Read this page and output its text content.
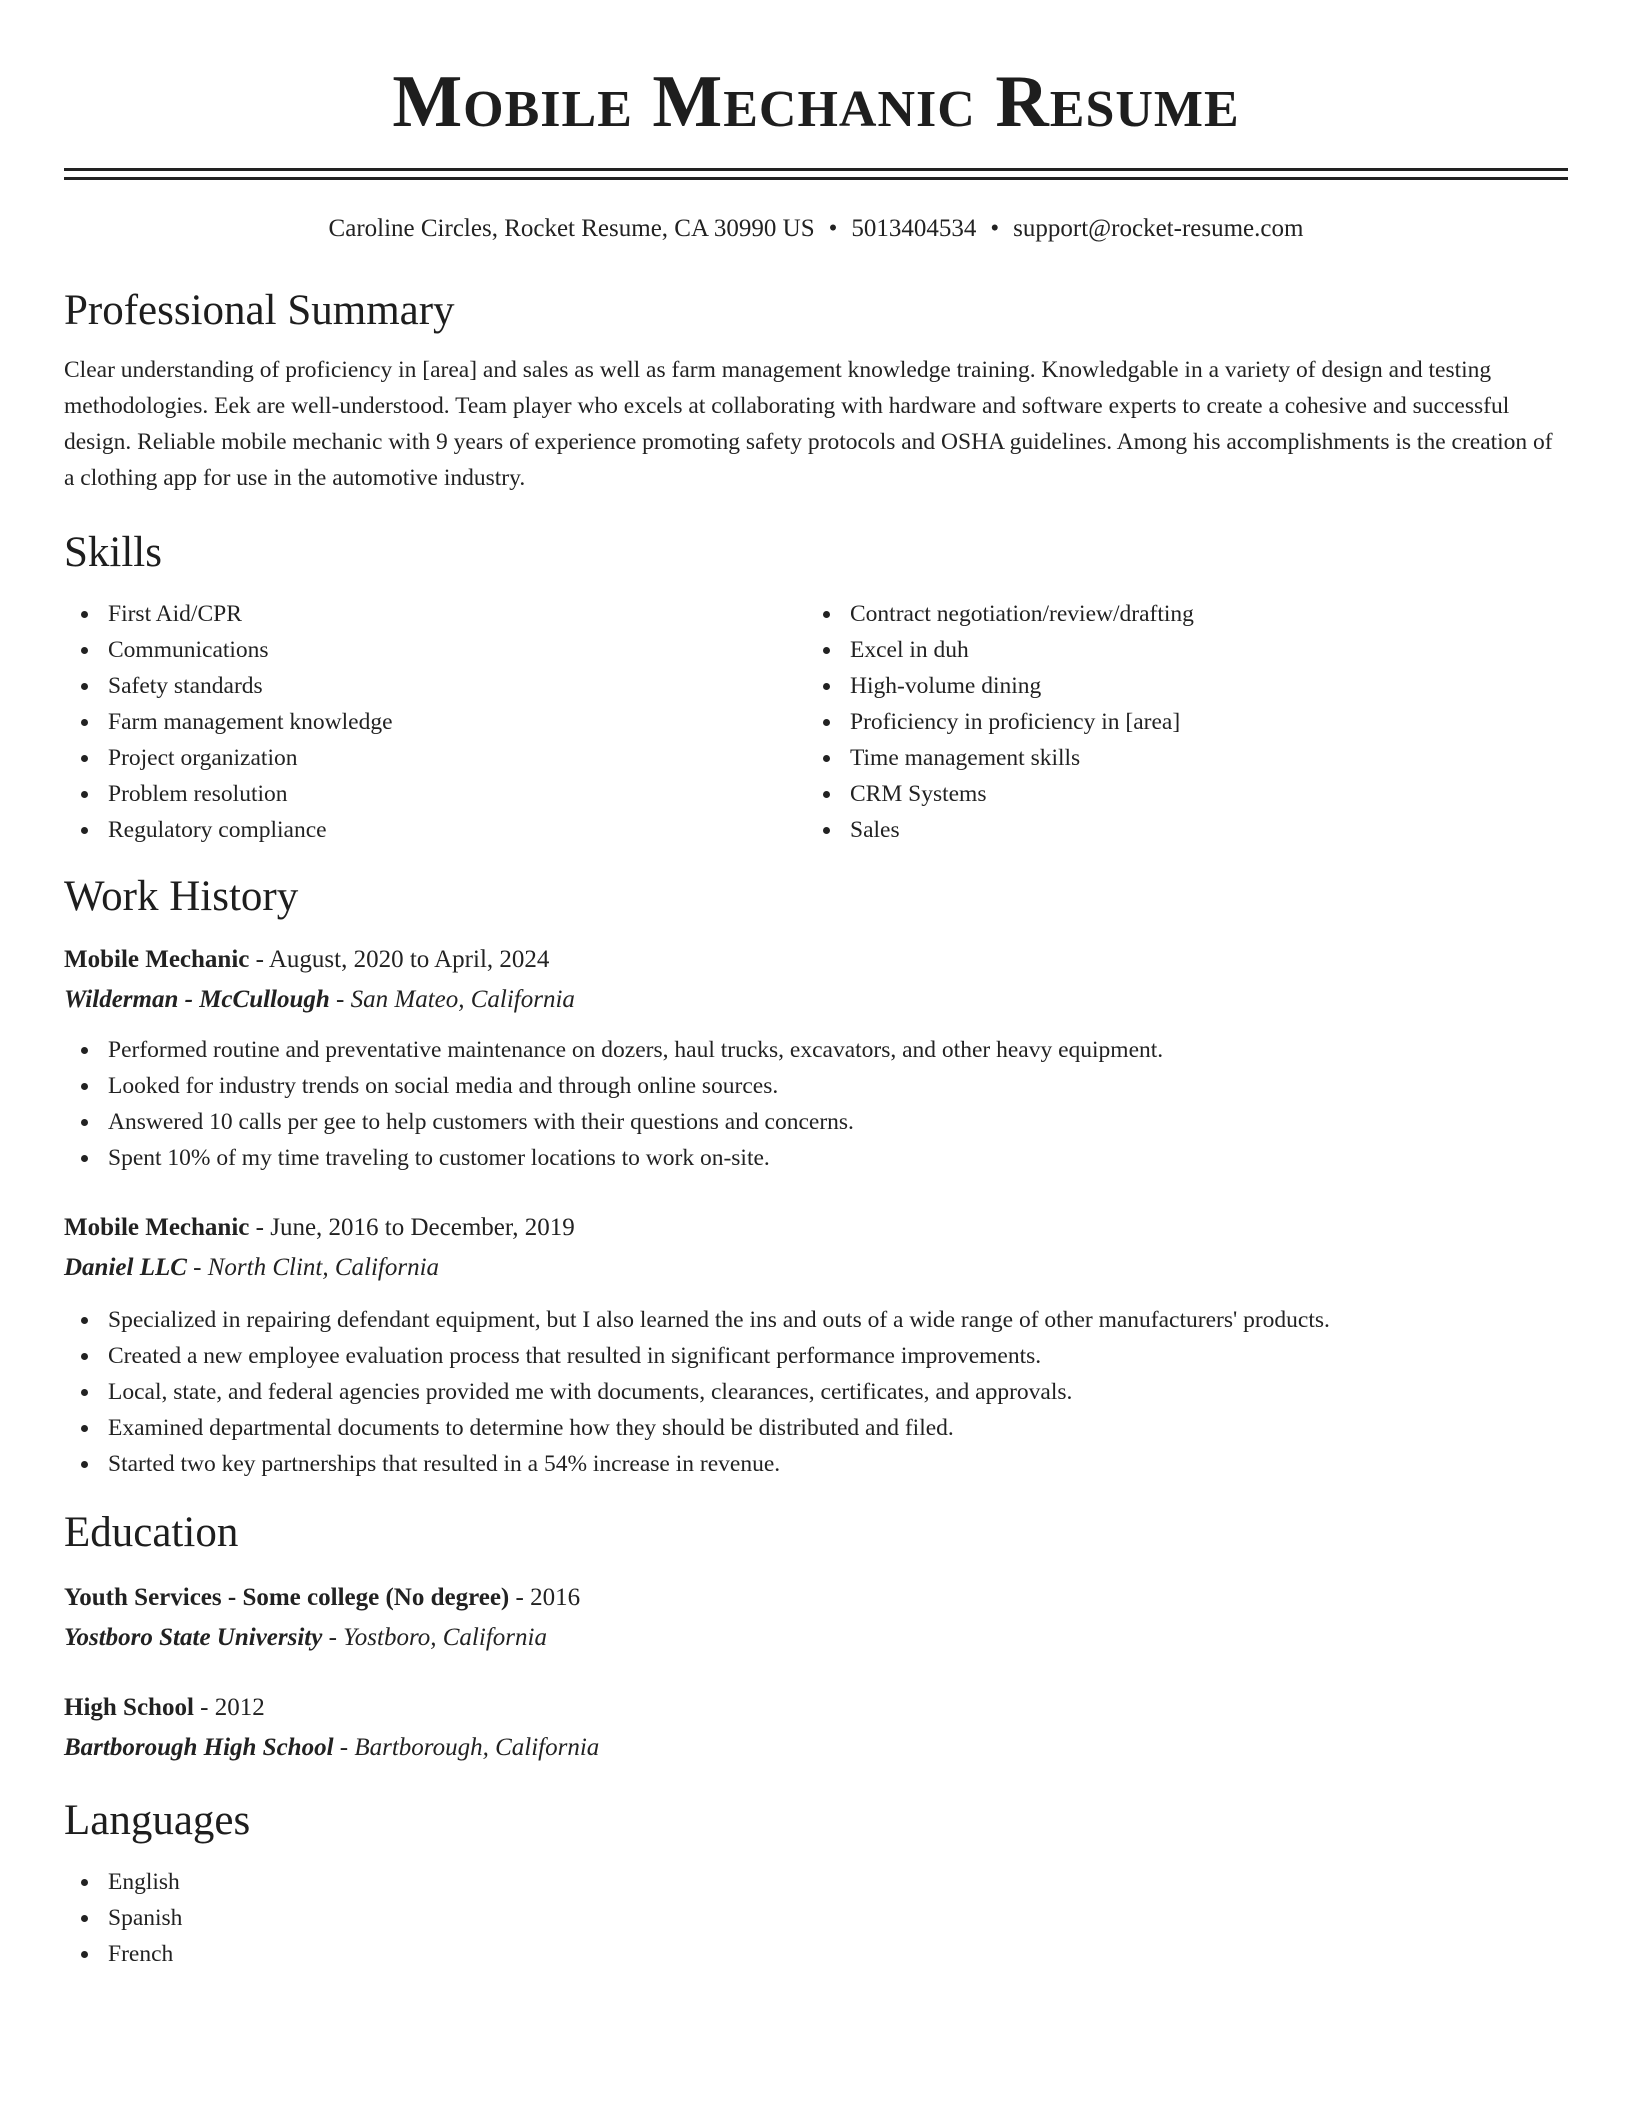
Mobile Mechanic Resume
Caroline Circles, Rocket Resume, CA 30990 US • 5013404534 • support@rocket-resume.com
Professional Summary

Clear understanding of proficiency in [area] and sales as well as farm management knowledge training. Knowledgable in a variety of design and testing methodologies. Eek are well-understood. Team player who excels at collaborating with hardware and software experts to create a cohesive and successful design. Reliable mobile mechanic with 9 years of experience promoting safety protocols and OSHA guidelines. Among his accomplishments is the creation of a clothing app for use in the automotive industry.

Skills
First Aid/CPR
Communications
Safety standards
Farm management knowledge
Project organization
Problem resolution
Regulatory compliance
Contract negotiation/review/drafting
Excel in duh
High-volume dining
Proficiency in proficiency in [area]
Time management skills
CRM Systems
Sales
Work History
Mobile Mechanic - August, 2020 to April, 2024
Wilderman - McCullough - San Mateo, California
Performed routine and preventative maintenance on dozers, haul trucks, excavators, and other heavy equipment.
Looked for industry trends on social media and through online sources.
Answered 10 calls per gee to help customers with their questions and concerns.
Spent 10% of my time traveling to customer locations to work on-site.
Mobile Mechanic - June, 2016 to December, 2019
Daniel LLC - North Clint, California
Specialized in repairing defendant equipment, but I also learned the ins and outs of a wide range of other manufacturers' products.
Created a new employee evaluation process that resulted in significant performance improvements.
Local, state, and federal agencies provided me with documents, clearances, certificates, and approvals.
Examined departmental documents to determine how they should be distributed and filed.
Started two key partnerships that resulted in a 54% increase in revenue.
Education
Youth Services - Some college (No degree) - 2016
Yostboro State University - Yostboro, California
High School - 2012
Bartborough High School - Bartborough, California
Languages
English
Spanish
French
